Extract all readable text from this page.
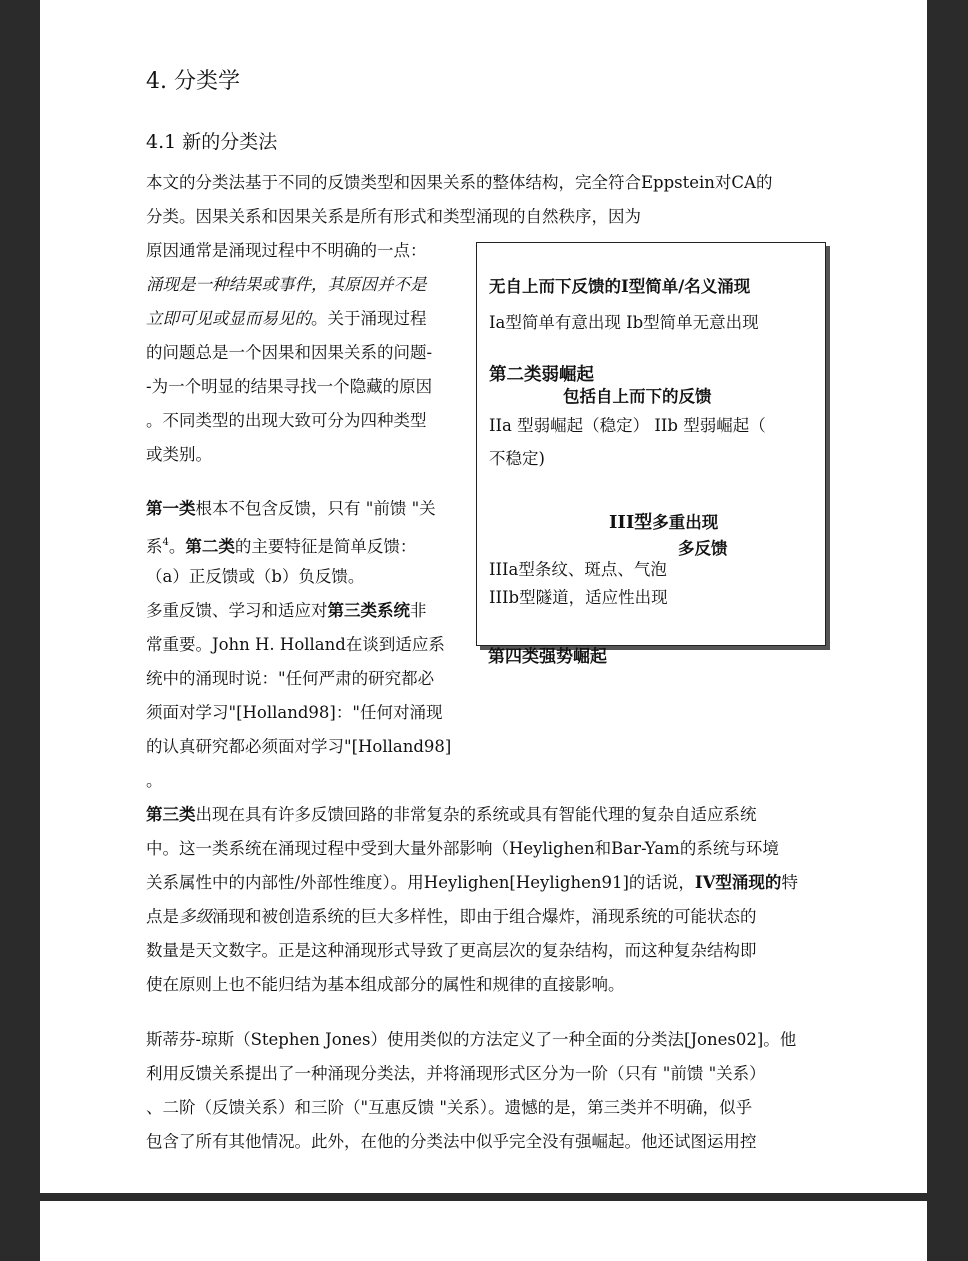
4. 分类学
4.1 新的分类法
本文的分类法基于不同的反馈类型和因果关系的整体结构，完全符合Eppstein对CA的
分类。因果关系和因果关系是所有形式和类型涌现的自然秩序，因为
原因通常是涌现过程中不明确的一点：
涌现是一种结果或事件，其原因并不是
立即可见或显而易见的。关于涌现过程
的问题总是一个因果和因果关系的问题-
-为一个明显的结果寻找一个隐藏的原因
。不同类型的出现大致可分为四种类型
或类别。
第一类根本不包含反馈，只有 "前馈 "关
系$^4$。第二类的主要特征是简单反馈：
（a）正反馈或（b）负反馈。
多重反馈、学习和适应对第三类系统非
常重要。John H. Holland在谈到适应系
统中的涌现时说："任何严肃的研究都必
须面对学习"[Holland98]："任何对涌现
的认真研究都必须面对学习"[Holland98]
。
无自上而下反馈的I型简单/名义涌现
Ia型简单有意出现 Ib型简单无意出现
第二类弱崛起
包括自上而下的反馈
IIa 型弱崛起（稳定） IIb 型弱崛起（
不稳定)
III型多重出现
多反馈
IIIa型条纹、斑点、气泡
IIIb型隧道，适应性出现
第四类强势崛起
第三类出现在具有许多反馈回路的非常复杂的系统或具有智能代理的复杂自适应系统
中。这一类系统在涌现过程中受到大量外部影响（Heylighen和Bar-Yam的系统与环境
关系属性中的内部性/外部性维度）。用Heylighen[Heylighen91]的话说，IV型涌现的特
点是多级涌现和被创造系统的巨大多样性，即由于组合爆炸，涌现系统的可能状态的
数量是天文数字。正是这种涌现形式导致了更高层次的复杂结构，而这种复杂结构即
使在原则上也不能归结为基本组成部分的属性和规律的直接影响。
斯蒂芬-琼斯（Stephen Jones）使用类似的方法定义了一种全面的分类法[Jones02]。他
利用反馈关系提出了一种涌现分类法，并将涌现形式区分为一阶（只有 "前馈 "关系）
、二阶（反馈关系）和三阶（"互惠反馈 "关系）。遗憾的是，第三类并不明确，似乎
包含了所有其他情况。此外，在他的分类法中似乎完全没有强崛起。他还试图运用控
